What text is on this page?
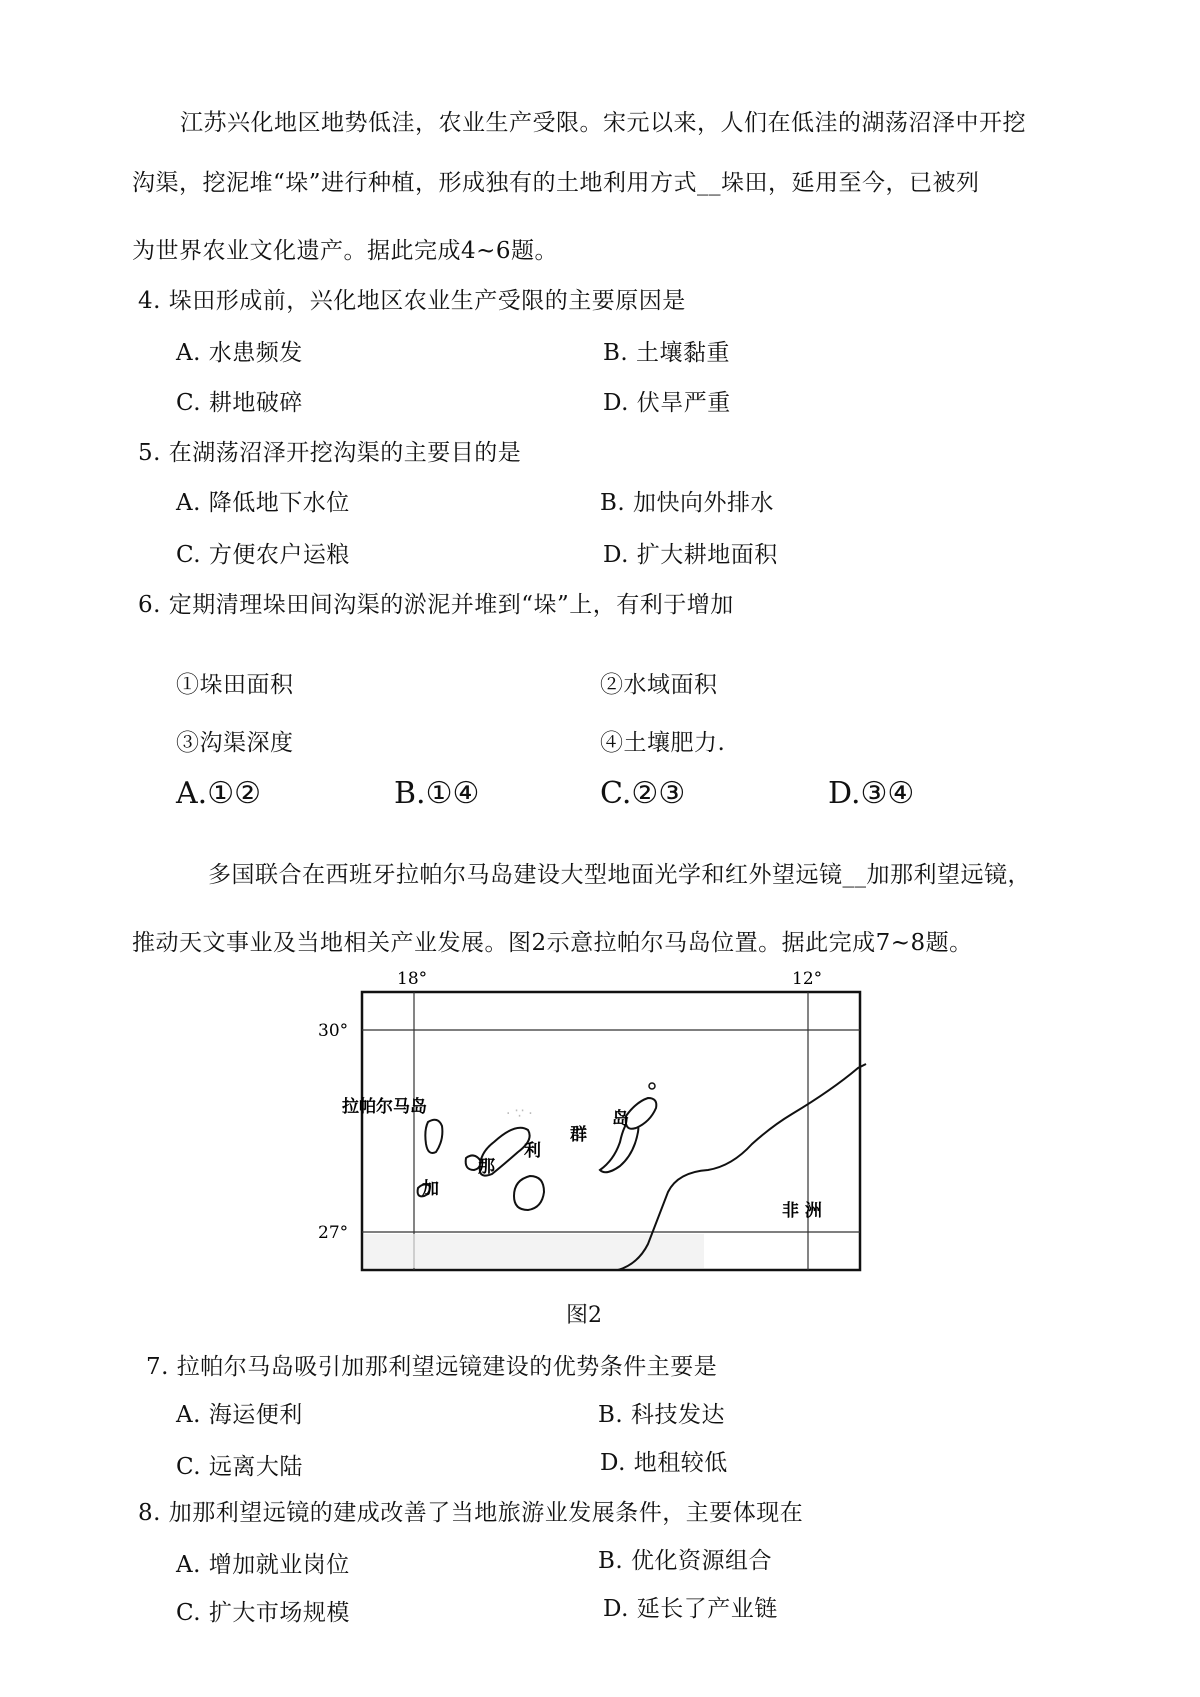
江苏兴化地区地势低洼，农业生产受限。宋元以来，人们在低洼的湖荡沼泽中开挖
沟渠，挖泥堆“垛”进行种植，形成独有的土地利用方式__垛田，延用至今，已被列
为世界农业文化遗产。据此完成4~6题。
4. 垛田形成前，兴化地区农业生产受限的主要原因是
A. 水患频发	B. 土壤黏重
C. 耕地破碎	D. 伏旱严重
5. 在湖荡沼泽开挖沟渠的主要目的是
A. 降低地下水位	B. 加快向外排水
C. 方便农户运粮	D. 扩大耕地面积
6. 定期清理垛田间沟渠的淤泥并堆到“垛”上，有利于增加
①垛田面积	②水域面积
③沟渠深度	④土壤肥力.
A.①②	B.①④	C.②③	D.③④
多国联合在西班牙拉帕尔马岛建设大型地面光学和红外望远镜__加那利望远镜，
推动天文事业及当地相关产业发展。图2示意拉帕尔马岛位置。据此完成7~8题。
18°	12°
30°
27°
· ∵ ·
拉帕尔马岛
加
那
利
群
岛
非 洲
图2
7. 拉帕尔马岛吸引加那利望远镜建设的优势条件主要是
A. 海运便利	B. 科技发达
C. 远离大陆	D. 地租较低
8. 加那利望远镜的建成改善了当地旅游业发展条件，主要体现在
A. 增加就业岗位	B. 优化资源组合
C. 扩大市场规模	D. 延长了产业链
